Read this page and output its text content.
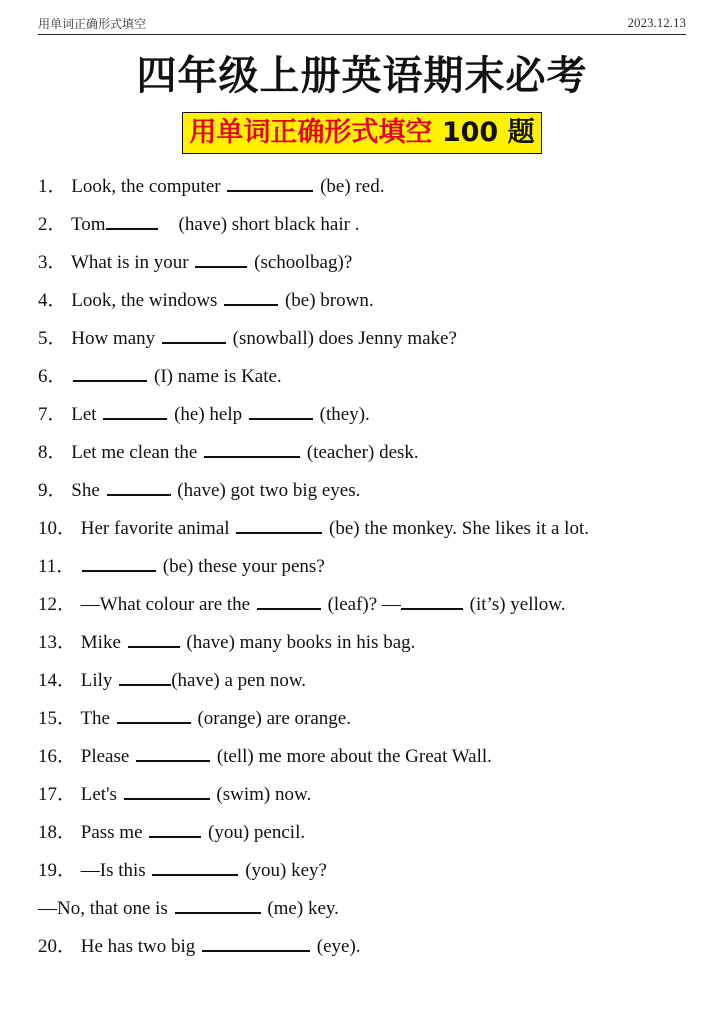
用单词正确形式填空	2023.12.13
四年级上册英语期末必考
用单词正确形式填空 100 题
1． Look, the computer	(be) red.
2． Tom	(have) short black hair .
3． What is in your	(schoolbag)?
4． Look, the windows	(be) brown.
5． How many	(snowball) does Jenny make?
6．	(I) name is Kate.
7． Let	(he) help	(they).
8． Let me clean the	(teacher) desk.
9． She	(have) got two big eyes.
10． Her favorite animal	(be) the monkey. She likes it a lot.
11．	(be) these your pens?
12． —What colour are the	(leaf)? —	(it’s) yellow.
13． Mike	(have) many books in his bag.
14． Lily	(have) a pen now.
15． The	(orange) are orange.
16． Please	(tell) me more about the Great Wall.
17． Let's	(swim) now.
18． Pass me	(you) pencil.
19． —Is this	(you) key?
—No, that one is	(me) key.
20． He has two big	(eye).
